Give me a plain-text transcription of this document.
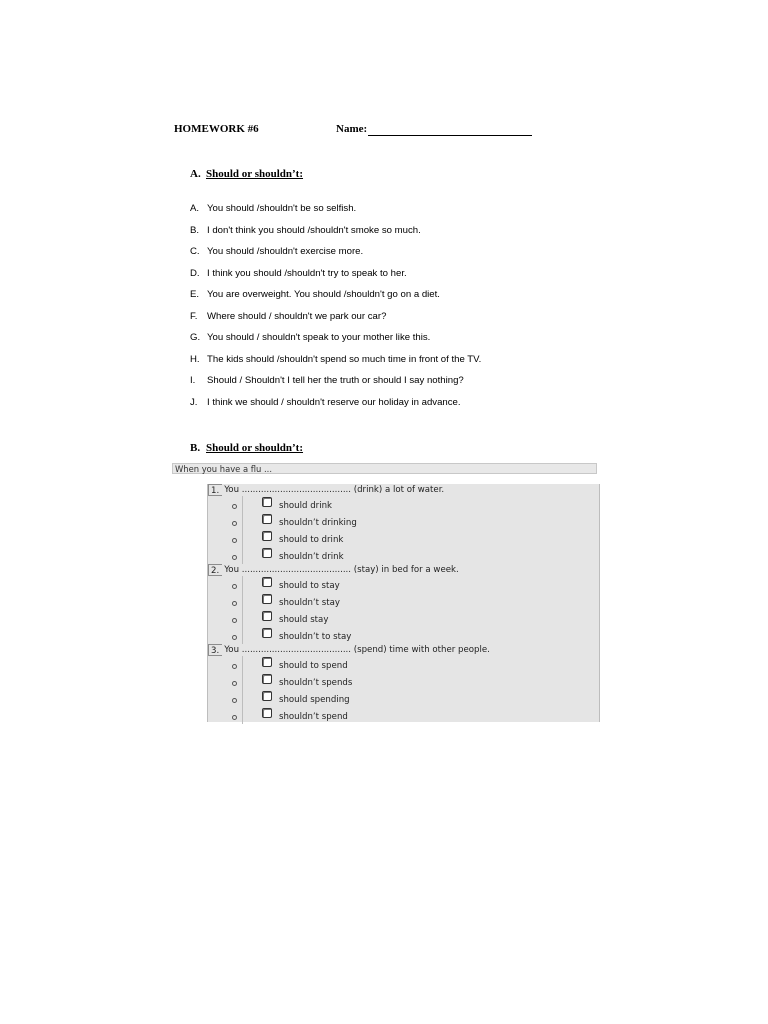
HOMEWORK #6	Name:
A. Should or shouldn’t:
A. You should /shouldn't be so selfish.
B. I don't think you should /shouldn't smoke so much.
C. You should /shouldn't exercise more.
D. I think you should /shouldn't try to speak to her.
E. You are overweight. You should /shouldn't go on a diet.
F. Where should / shouldn't we park our car?
G. You should / shouldn't speak to your mother like this.
H. The kids should /shouldn't spend so much time in front of the TV.
I.	Should / Shouldn't I tell her the truth or should I say nothing?
J. I think we should / shouldn't reserve our holiday in advance.
B. Should or shouldn’t:
When you have a flu ...
1. You ........................................ (drink) a lot of water.
should drink
shouldn’t drinking
should to drink
shouldn’t drink
2. You ........................................ (stay) in bed for a week.
should to stay
shouldn’t stay
should stay
shouldn’t to stay
3. You ........................................ (spend) time with other people.
should to spend
shouldn’t spends
should spending
shouldn’t spend
